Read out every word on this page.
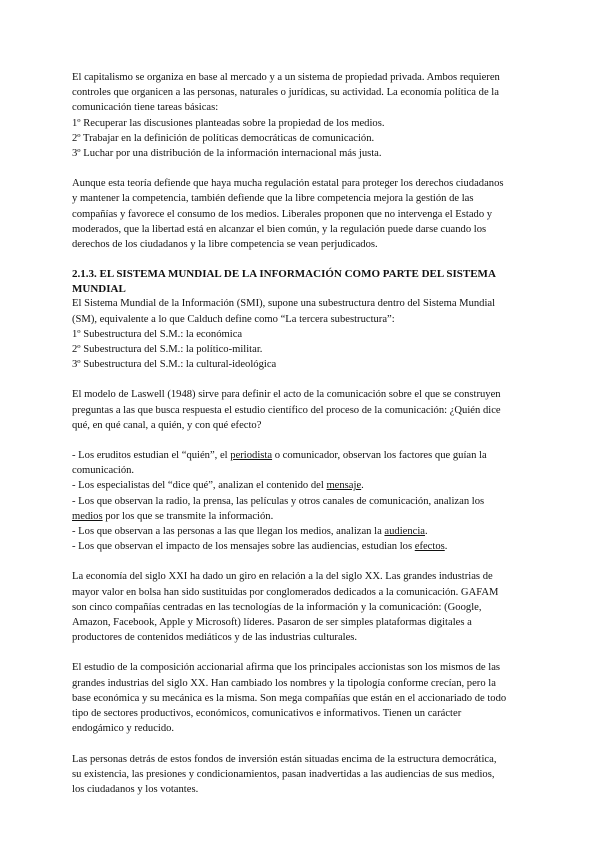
El capitalismo se organiza en base al mercado y a un sistema de propiedad privada. Ambos requieren

controles que organicen a las personas, naturales o jurídicas, su actividad. La economía política de la

comunicación tiene tareas básicas:

1º Recuperar las discusiones planteadas sobre la propiedad de los medios.

2º Trabajar en la definición de políticas democráticas de comunicación.

3º Luchar por una distribución de la información internacional más justa.

Aunque esta teoría defiende que haya mucha regulación estatal para proteger los derechos ciudadanos

y mantener la competencia, también defiende que la libre competencia mejora la gestión de las

compañías y favorece el consumo de los medios. Liberales proponen que no intervenga el Estado y

moderados, que la libertad está en alcanzar el bien común, y la regulación puede darse cuando los

derechos de los ciudadanos y la libre competencia se vean perjudicados.

2.1.3. EL SISTEMA MUNDIAL DE LA INFORMACIÓN COMO PARTE DEL SISTEMA

MUNDIAL

El Sistema Mundial de la Información (SMI), supone una subestructura dentro del Sistema Mundial

(SM), equivalente a lo que Calduch define como “La tercera subestructura”:

1º Subestructura del S.M.: la económica

2º Subestructura del S.M.: la político-militar.

3º Subestructura del S.M.: la cultural-ideológica

El modelo de Laswell (1948) sirve para definir el acto de la comunicación sobre el que se construyen

preguntas a las que busca respuesta el estudio científico del proceso de la comunicación: ¿Quién dice

qué, en qué canal, a quién, y con qué efecto?

- Los eruditos estudian el “quién”, el periodista o comunicador, observan los factores que guían la

comunicación.

- Los especialistas del “dice qué”, analizan el contenido del mensaje.

- Los que observan la radio, la prensa, las películas y otros canales de comunicación, analizan los

medios por los que se transmite la información.

- Los que observan a las personas a las que llegan los medios, analizan la audiencia.

- Los que observan el impacto de los mensajes sobre las audiencias, estudian los efectos.

La economía del siglo XXI ha dado un giro en relación a la del siglo XX. Las grandes industrias de

mayor valor en bolsa han sido sustituidas por conglomerados dedicados a la comunicación. GAFAM

son cinco compañías centradas en las tecnologías de la información y la comunicación: (Google,

Amazon, Facebook, Apple y Microsoft) líderes. Pasaron de ser simples plataformas digitales a

productores de contenidos mediáticos y de las industrias culturales.

El estudio de la composición accionarial afirma que los principales accionistas son los mismos de las

grandes industrias del siglo XX. Han cambiado los nombres y la tipología conforme crecían, pero la

base económica y su mecánica es la misma. Son mega compañías que están en el accionariado de todo

tipo de sectores productivos, económicos, comunicativos e informativos. Tienen un carácter

endogámico y reducido.

Las personas detrás de estos fondos de inversión están situadas encima de la estructura democrática,

su existencia, las presiones y condicionamientos, pasan inadvertidas a las audiencias de sus medios,

los ciudadanos y los votantes.
